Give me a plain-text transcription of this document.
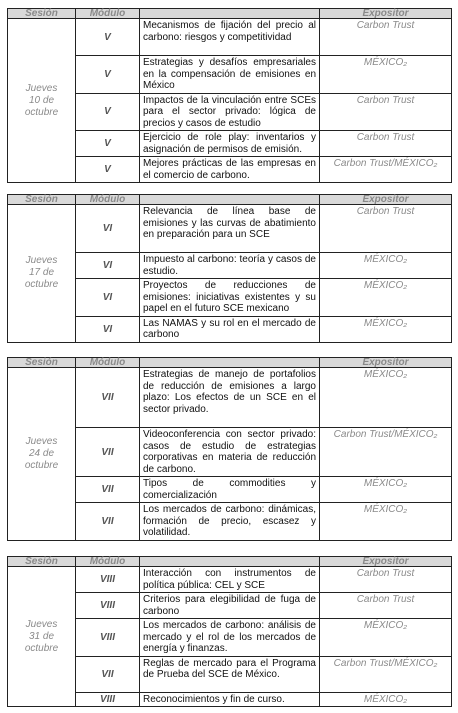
Sesión	Módulo		Expositor

Jueves
10 de
octubre	V	Mecanismos de fijación del precio al carbono: riesgos y competitividad	Carbon Trust
	V	Estrategias y desafíos empresariales en la compensación de emisiones en México	MÉXICO₂
	V	Impactos de la vinculación entre SCEs para el sector privado: lógica de precios y casos de estudio	Carbon Trust
	V	Ejercicio de role play: inventarios y asignación de permisos de emisión.	Carbon Trust
	V	Mejores prácticas de las empresas en el comercio de carbono.	Carbon Trust/MÉXICO₂
Sesión	Módulo		Expositor

Jueves
17 de
octubre	VI	Relevancia de línea base de emisiones y las curvas de abatimiento en preparación para un SCE	Carbon Trust
	VI	Impuesto al carbono: teoría y casos de estudio.	MÉXICO₂
	VI	Proyectos de reducciones de emisiones: iniciativas existentes y su papel en el futuro SCE mexicano	MÉXICO₂
	VI	Las NAMAS y su rol en el mercado de carbono	MÉXICO₂
Sesión	Módulo		Expositor

Jueves
24 de
octubre	VII	Estrategias de manejo de portafolios de reducción de emisiones a largo plazo: Los efectos de un SCE en el sector privado.	MÉXICO₂
	VII	Videoconferencia con sector privado: casos de estudio de estrategias corporativas en materia de reducción de carbono.	Carbon Trust/MÉXICO₂
	VII	Tipos de commodities y comercialización	MÉXICO₂
	VII	Los mercados de carbono: dinámicas, formación de precio, escasez y volatilidad.	MÉXICO₂
Sesión	Módulo		Expositor

Jueves
31 de
octubre	VIII	Interacción con instrumentos de política pública: CEL y SCE	Carbon Trust
	VIII	Criterios para elegibilidad de fuga de carbono	Carbon Trust
	VIII	Los mercados de carbono: análisis de mercado y el rol de los mercados de energía y finanzas.	MÉXICO₂
	VII	Reglas de mercado para el Programa de Prueba del SCE de México.	Carbon Trust/MÉXICO₂
	VIII	Reconocimientos y fin de curso.	MÉXICO₂
